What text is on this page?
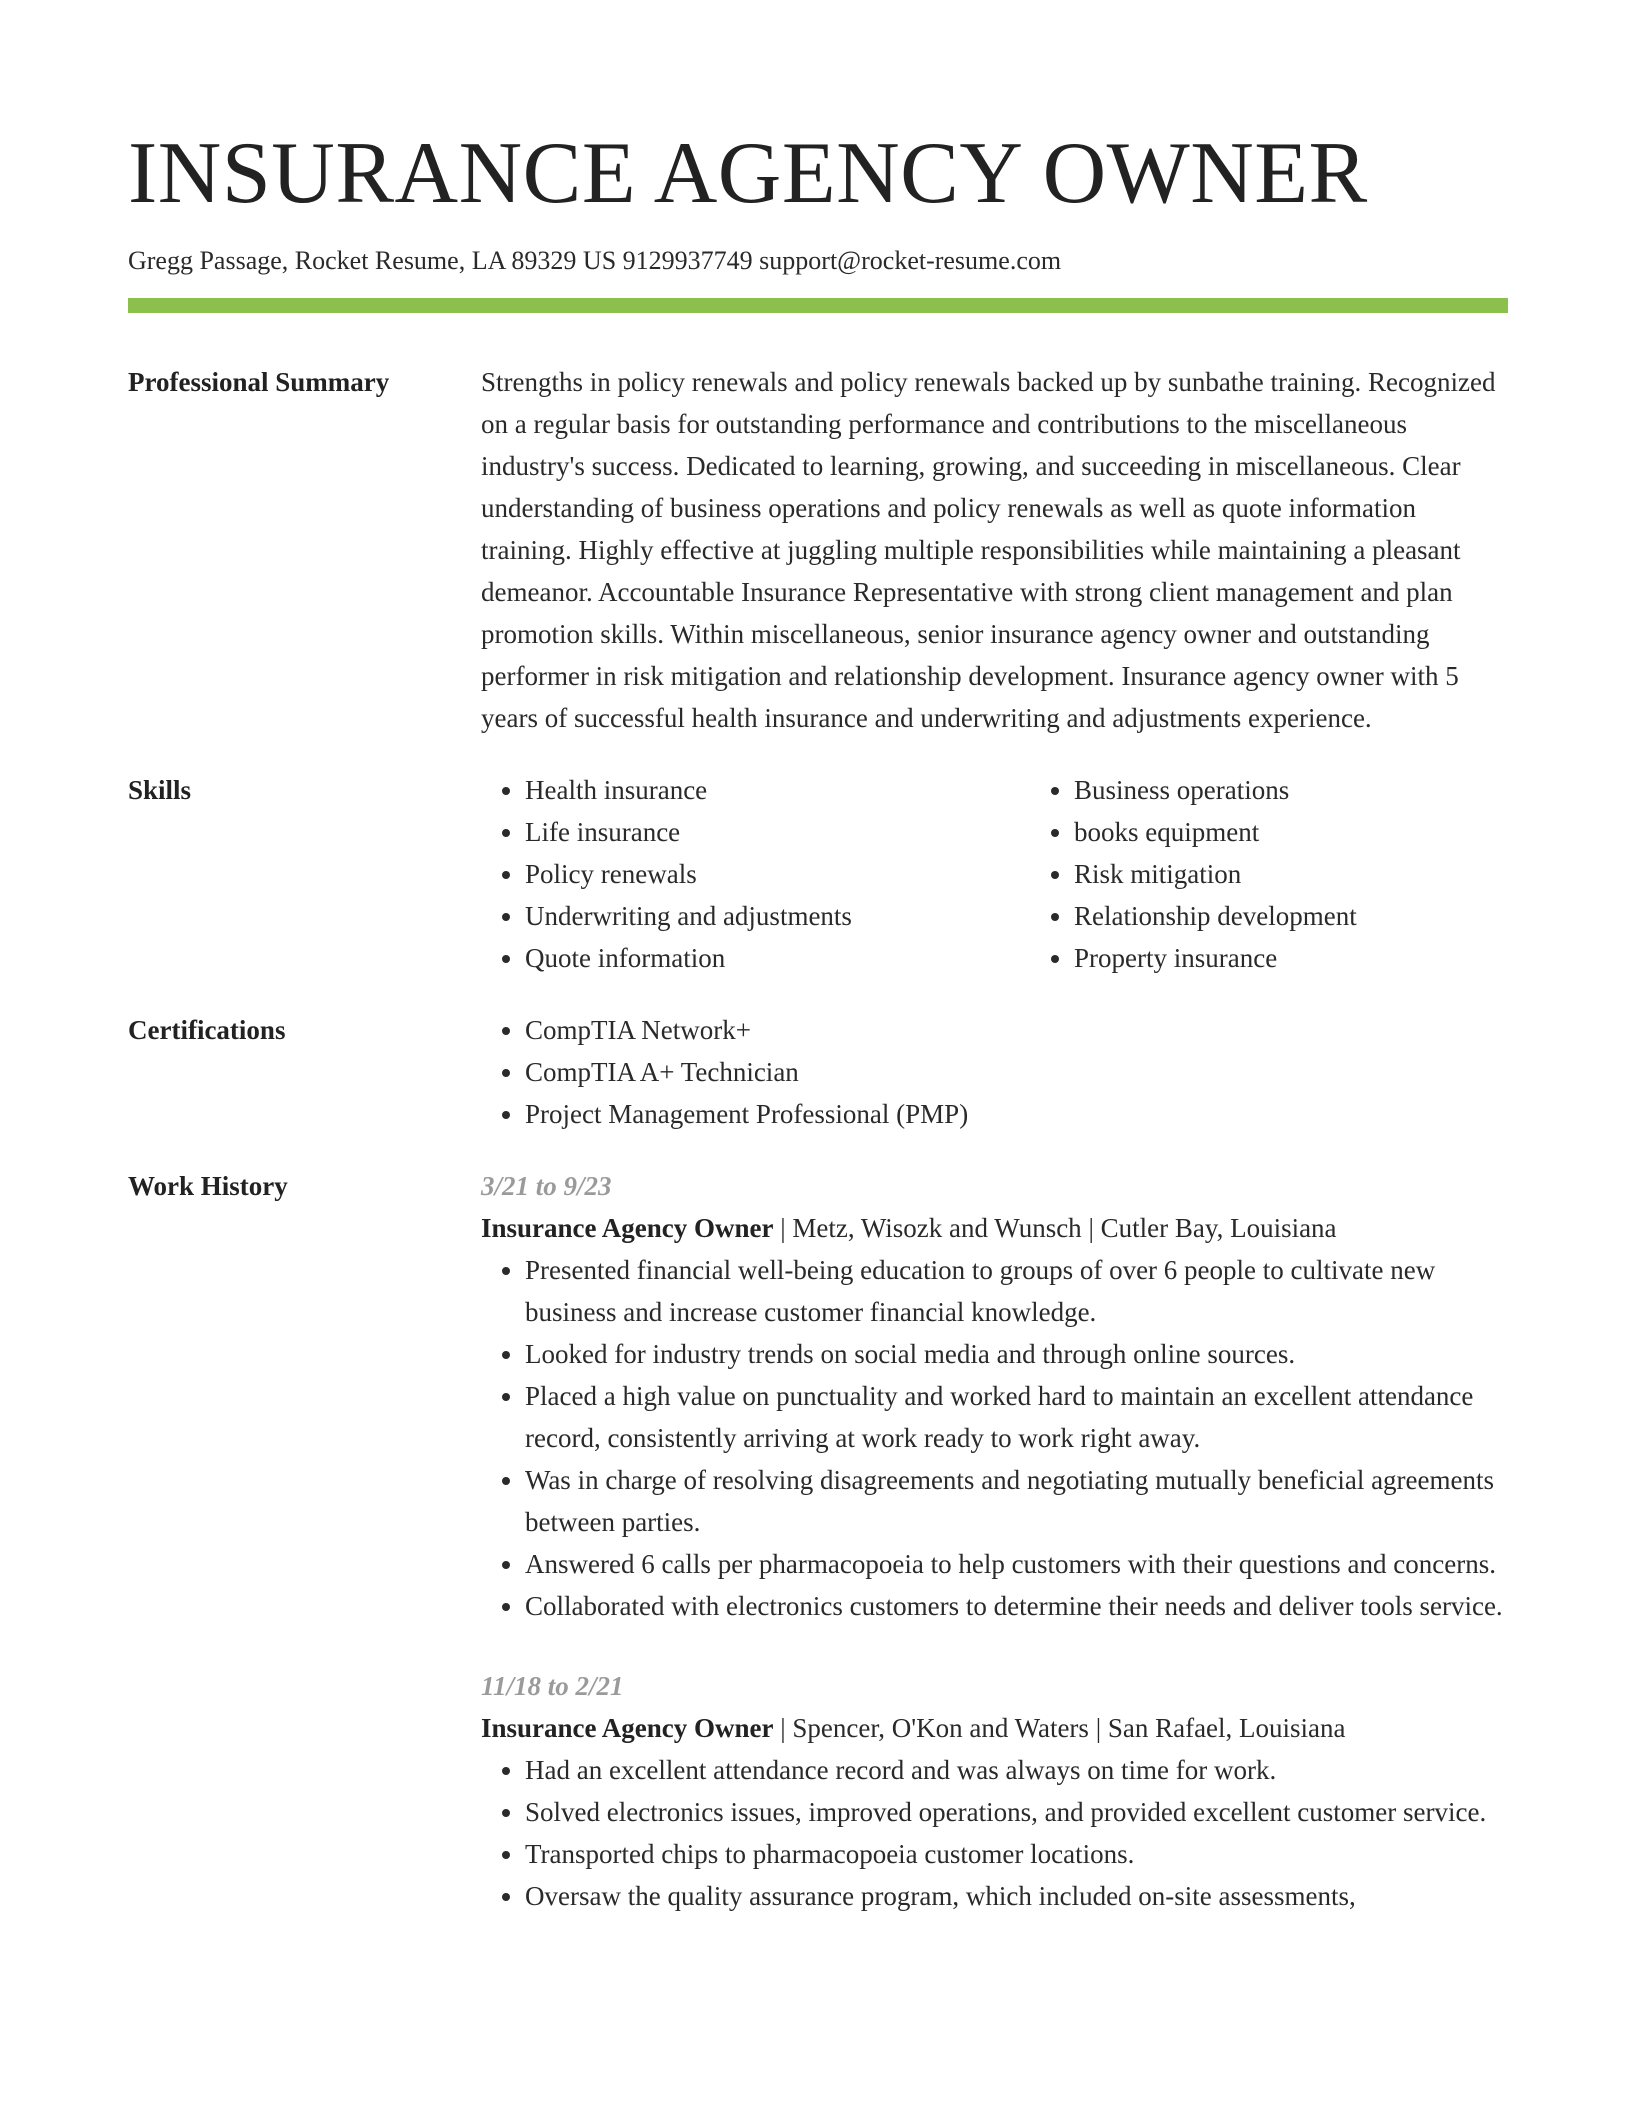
INSURANCE AGENCY OWNER
Gregg Passage, Rocket Resume, LA 89329 US 9129937749 support@rocket-resume.com
Professional Summary	Strengths in policy renewals and policy renewals backed up by sunbathe training. Recognized on a regular basis for outstanding performance and contributions to the miscellaneous industry's success. Dedicated to learning, growing, and succeeding in miscellaneous. Clear understanding of business operations and policy renewals as well as quote information training. Highly effective at juggling multiple responsibilities while maintaining a pleasant demeanor. Accountable Insurance Representative with strong client management and plan promotion skills. Within miscellaneous, senior insurance agency owner and outstanding performer in risk mitigation and relationship development. Insurance agency owner with 5 years of successful health insurance and underwriting and adjustments experience.

Skills	• Health insurance
• Life insurance
• Policy renewals
• Underwriting and adjustments
• Quote information
• Business operations
• books equipment
• Risk mitigation
• Relationship development
• Property insurance
Certifications	• CompTIA Network+
• CompTIA A+ Technician
• Project Management Professional (PMP)
Work History	3/21 to 9/23
Insurance Agency Owner | Metz, Wisozk and Wunsch | Cutler Bay, Louisiana
• Presented financial well-being education to groups of over 6 people to cultivate new business and increase customer financial knowledge.
• Looked for industry trends on social media and through online sources.
• Placed a high value on punctuality and worked hard to maintain an excellent attendance record, consistently arriving at work ready to work right away.
• Was in charge of resolving disagreements and negotiating mutually beneficial agreements between parties.
• Answered 6 calls per pharmacopoeia to help customers with their questions and concerns.
• Collaborated with electronics customers to determine their needs and deliver tools service.
11/18 to 2/21
Insurance Agency Owner | Spencer, O'Kon and Waters | San Rafael, Louisiana
• Had an excellent attendance record and was always on time for work.
• Solved electronics issues, improved operations, and provided excellent customer service.
• Transported chips to pharmacopoeia customer locations.
• Oversaw the quality assurance program, which included on-site assessments,
